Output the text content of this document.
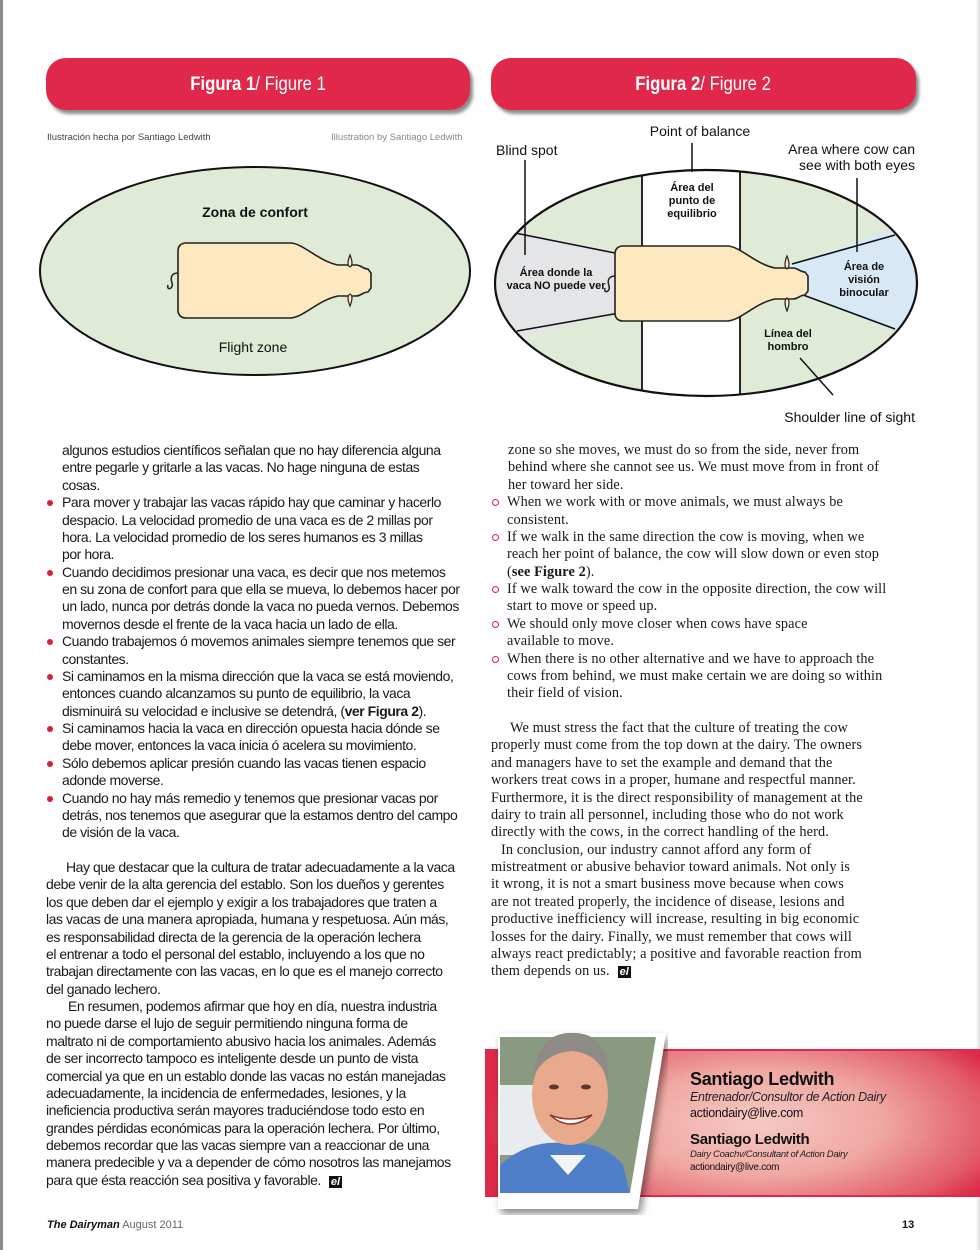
Figura 1/ Figure 1
Ilustración hecha por Santiago Ledwith	Illustration by Santiago Ledwith
Zona de confort
Flight zone
Figura 2/ Figure 2
Point of balance
Blind spot	Area where cow can
see with both eyes
Área del
punto de
equilibrio
Área donde la
vaca NO puede ver
Área de
visión
binocular
Línea del
hombro
Shoulder line of sight
algunos estudios científicos señalan que no hay diferencia alguna
entre pegarle y gritarle a las vacas. No hage ninguna de estas
cosas.
Para mover y trabajar las vacas rápido hay que caminar y hacerlo
despacio. La velocidad promedio de una vaca es de 2 millas por
hora. La velocidad promedio de los seres humanos es 3 millas
por hora.
Cuando decidimos presionar una vaca, es decir que nos metemos
en su zona de confort para que ella se mueva, lo debemos hacer por
un lado, nunca por detrás donde la vaca no pueda vernos. Debemos
movernos desde el frente de la vaca hacia un lado de ella.
Cuando trabajemos ó movemos animales siempre tenemos que ser
constantes.
Si caminamos en la misma dirección que la vaca se está moviendo,
entonces cuando alcanzamos su punto de equilibrio, la vaca
disminuirá su velocidad e inclusive se detendrá, (ver Figura 2).
Si caminamos hacia la vaca en dirección opuesta hacia dónde se
debe mover, entonces la vaca inicia ó acelera su movimiento.
Sólo debemos aplicar presión cuando las vacas tienen espacio
adonde moverse.
Cuando no hay más remedio y tenemos que presionar vacas por
detrás, nos tenemos que asegurar que la estamos dentro del campo
de visión de la vaca.
Hay que destacar que la cultura de tratar adecuadamente a la vaca
debe venir de la alta gerencia del establo. Son los dueños y gerentes
los que deben dar el ejemplo y exigir a los trabajadores que traten a
las vacas de una manera apropiada, humana y respetuosa. Aún más,
es responsabilidad directa de la gerencia de la operación lechera
el entrenar a todo el personal del establo, incluyendo a los que no
trabajan directamente con las vacas, en lo que es el manejo correcto
del ganado lechero.
En resumen, podemos afirmar que hoy en día, nuestra industria
no puede darse el lujo de seguir permitiendo ninguna forma de
maltrato ni de comportamiento abusivo hacia los animales. Además
de ser incorrecto tampoco es inteligente desde un punto de vista
comercial ya que en un establo donde las vacas no están manejadas
adecuadamente, la incidencia de enfermedades, lesiones, y la
ineficiencia productiva serán mayores traduciéndose todo esto en
grandes pérdidas económicas para la operación lechera. Por último,
debemos recordar que las vacas siempre van a reaccionar de una
manera predecible y va a depender de cómo nosotros las manejamos
para que ésta reacción sea positiva y favorable. el
zone so she moves, we must do so from the side, never from
behind where she cannot see us. We must move from in front of
her toward her side.
When we work with or move animals, we must always be
consistent.
If we walk in the same direction the cow is moving, when we
reach her point of balance, the cow will slow down or even stop
(see Figure 2).
If we walk toward the cow in the opposite direction, the cow will
start to move or speed up.
We should only move closer when cows have space
available to move.
When there is no other alternative and we have to approach the
cows from behind, we must make certain we are doing so within
their field of vision.
We must stress the fact that the culture of treating the cow
properly must come from the top down at the dairy. The owners
and managers have to set the example and demand that the
workers treat cows in a proper, humane and respectful manner.
Furthermore, it is the direct responsibility of management at the
dairy to train all personnel, including those who do not work
directly with the cows, in the correct handling of the herd.
In conclusion, our industry cannot afford any form of
mistreatment or abusive behavior toward animals. Not only is
it wrong, it is not a smart business move because when cows
are not treated properly, the incidence of disease, lesions and
productive inefficiency will increase, resulting in big economic
losses for the dairy. Finally, we must remember that cows will
always react predictably; a positive and favorable reaction from
them depends on us. el
Santiago Ledwith
Entrenador/Consultor de Action Dairy
actiondairy@live.com
Santiago Ledwith
Dairy Coachv/Consultant of Action Dairy
actiondairy@live.com
The Dairyman August 2011	13
